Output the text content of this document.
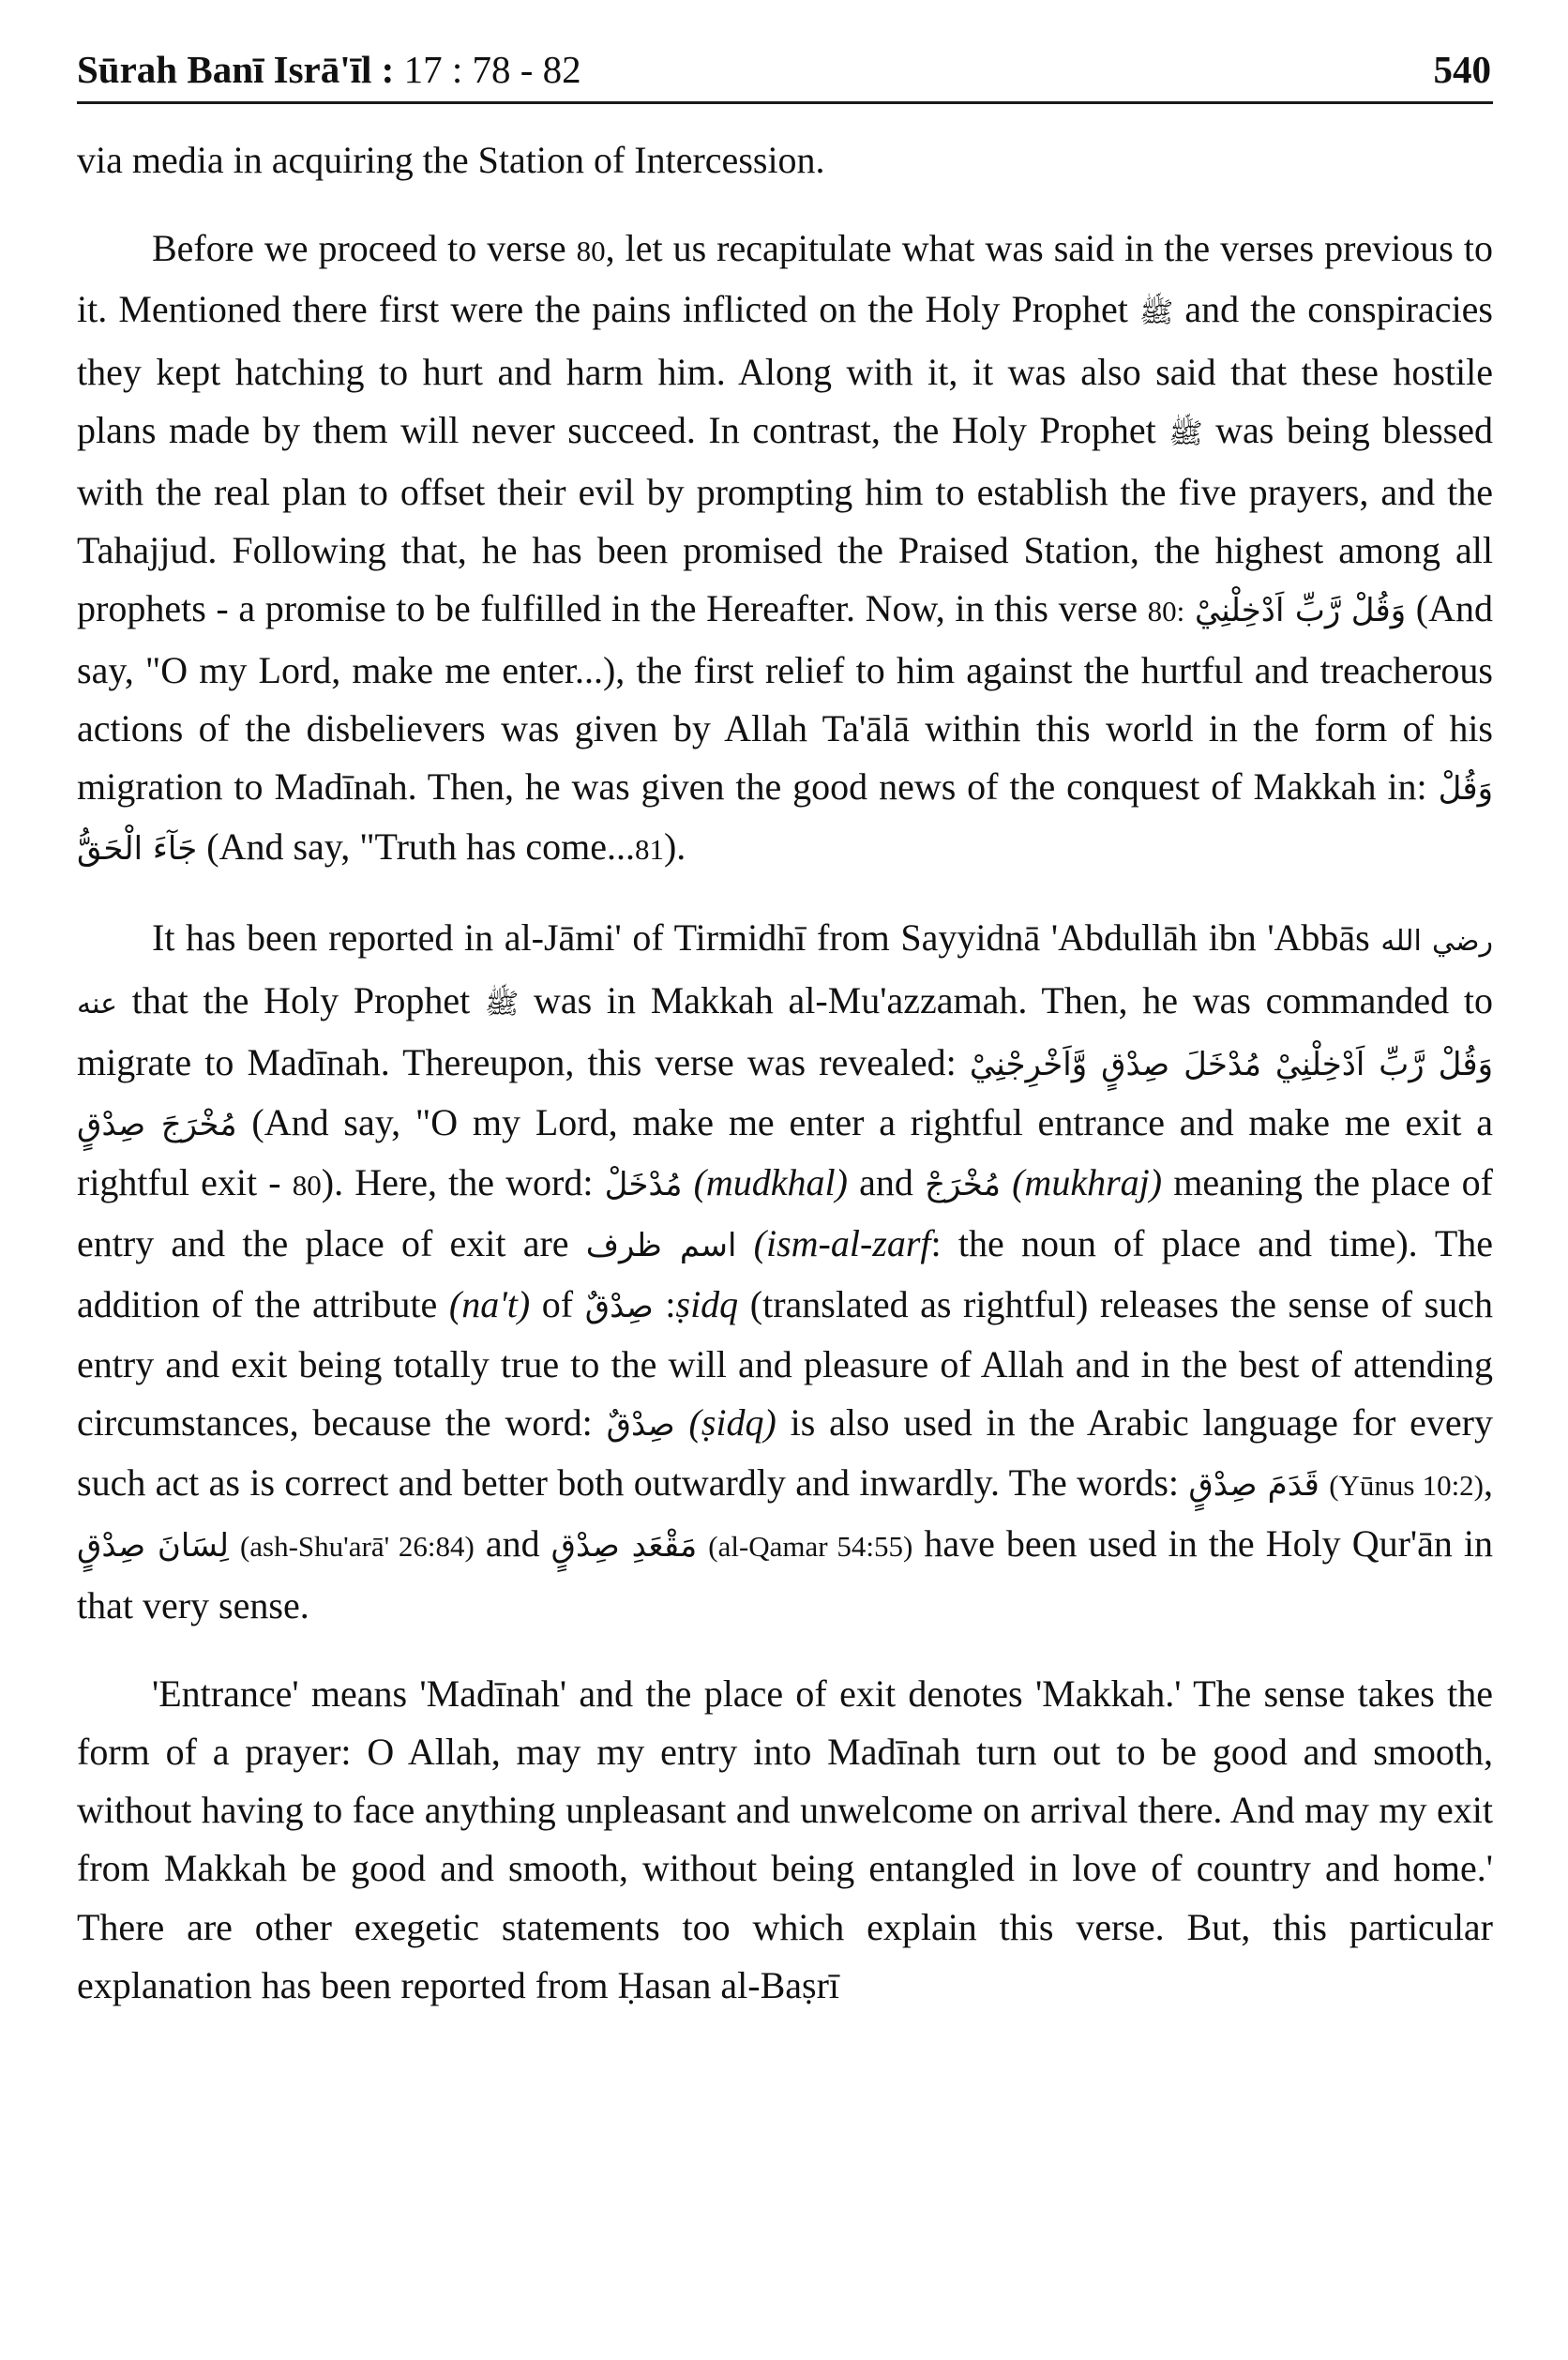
Sūrah Banī Isrā'īl : 17 : 78 - 82	540

via media in acquiring the Station of Intercession.

Before we proceed to verse 80, let us recapitulate what was said in the verses previous to it. Mentioned there first were the pains inflicted on the Holy Prophet ﷺ and the conspiracies they kept hatching to hurt and harm him. Along with it, it was also said that these hostile plans made by them will never succeed. In contrast, the Holy Prophet ﷺ was being blessed with the real plan to offset their evil by prompting him to establish the five prayers, and the Tahajjud. Following that, he has been promised the Praised Station, the highest among all prophets - a promise to be fulfilled in the Hereafter. Now, in this verse 80: وَقُلْ رَّبِّ اَدْخِلْنِيْ (And say, "O my Lord, make me enter...), the first relief to him against the hurtful and treacherous actions of the disbelievers was given by Allah Ta'ālā within this world in the form of his migration to Madīnah. Then, he was given the good news of the conquest of Makkah in: وَقُلْ جَآءَ الْحَقُّ (And say, "Truth has come...81).

It has been reported in al-Jāmi' of Tirmidhī from Sayyidnā 'Abdullāh ibn 'Abbās رضي الله عنه that the Holy Prophet ﷺ was in Makkah al-Mu'azzamah. Then, he was commanded to migrate to Madīnah. Thereupon, this verse was revealed: وَقُلْ رَّبِّ اَدْخِلْنِيْ مُدْخَلَ صِدْقٍ وَّاَخْرِجْنِيْ مُخْرَجَ صِدْقٍ (And say, "O my Lord, make me enter a rightful entrance and make me exit a rightful exit - 80). Here, the word: مُدْخَلْ (mudkhal) and مُخْرَجْ (mukhraj) meaning the place of entry and the place of exit are اسم ظرف (ism-al-zarf: the noun of place and time). The addition of the attribute (na't) of صِدْقٌ :ṣidq (translated as rightful) releases the sense of such entry and exit being totally true to the will and pleasure of Allah and in the best of attending circumstances, because the word: صِدْقٌ (ṣidq) is also used in the Arabic language for every such act as is correct and better both outwardly and inwardly. The words: قَدَمَ صِدْقٍ (Yūnus 10:2), لِسَانَ صِدْقٍ (ash-Shu'arā' 26:84) and مَقْعَدِ صِدْقٍ (al-Qamar 54:55) have been used in the Holy Qur'ān in that very sense.

'Entrance' means 'Madīnah' and the place of exit denotes 'Makkah.' The sense takes the form of a prayer: O Allah, may my entry into Madīnah turn out to be good and smooth, without having to face anything unpleasant and unwelcome on arrival there. And may my exit from Makkah be good and smooth, without being entangled in love of country and home.' There are other exegetic statements too which explain this verse. But, this particular explanation has been reported from Ḥasan al-Baṣrī
